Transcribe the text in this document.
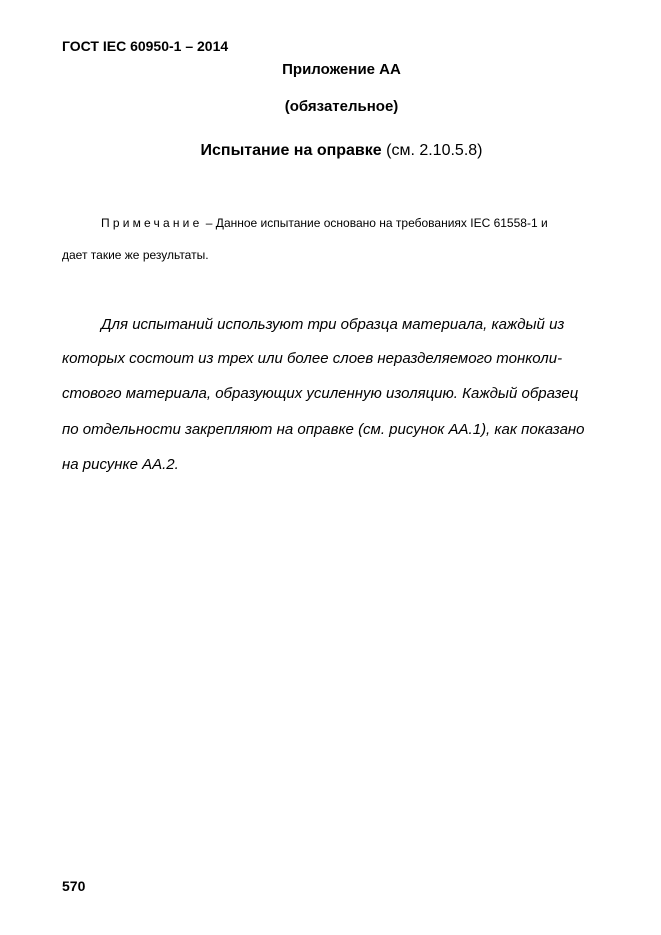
ГОСТ IEC 60950-1 – 2014
Приложение АА
(обязательное)
Испытание на оправке (см. 2.10.5.8)
Примечание – Данное испытание основано на требованиях IEC 61558-1 и
дает такие же результаты.
Для испытаний используют три образца материала, каждый из
которых состоит из трех или более слоев неразделяемого тонколи-
стового материала, образующих усиленную изоляцию. Каждый образец
по отдельности закрепляют на оправке (см. рисунок АА.1), как показано
на рисунке АА.2.
570
